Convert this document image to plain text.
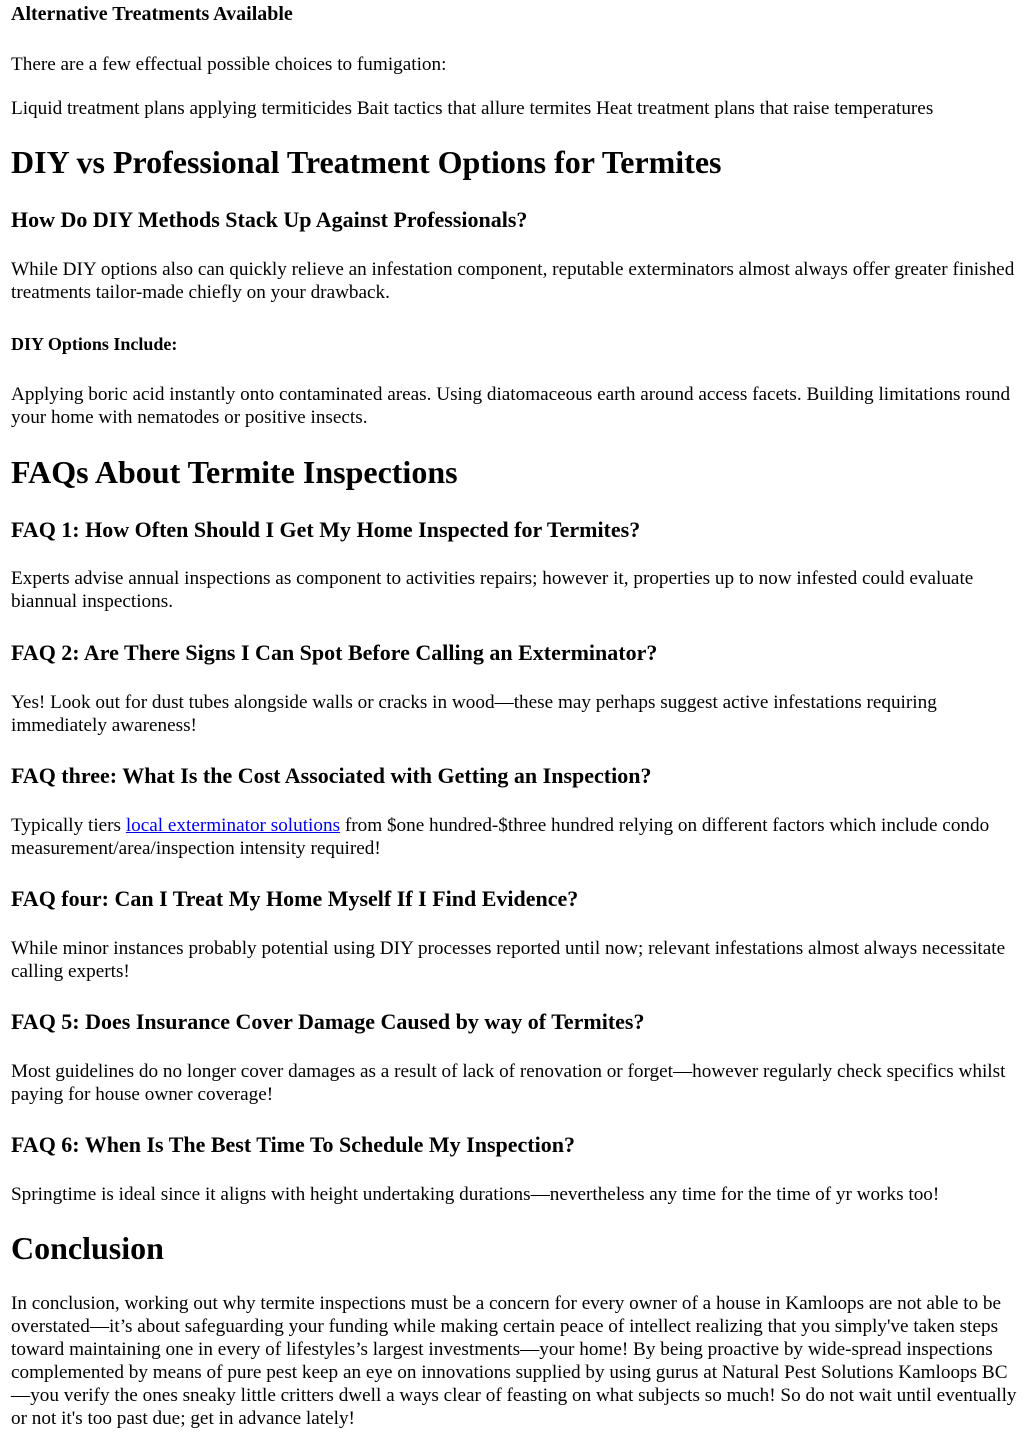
Alternative Treatments Available

There are a few effectual possible choices to fumigation:

Liquid treatment plans applying termiticides Bait tactics that allure termites Heat treatment plans that raise temperatures

DIY vs Professional Treatment Options for Termites
How Do DIY Methods Stack Up Against Professionals?

While DIY options also can quickly relieve an infestation component, reputable exterminators almost always offer greater finished treatments tailor-made chiefly on your drawback.

DIY Options Include:

Applying boric acid instantly onto contaminated areas. Using diatomaceous earth around access facets. Building limitations round your home with nematodes or positive insects.

FAQs About Termite Inspections
FAQ 1: How Often Should I Get My Home Inspected for Termites?

Experts advise annual inspections as component to activities repairs; however it, properties up to now infested could evaluate biannual inspections.

FAQ 2: Are There Signs I Can Spot Before Calling an Exterminator?

Yes! Look out for dust tubes alongside walls or cracks in wood—these may perhaps suggest active infestations requiring immediately awareness!

FAQ three: What Is the Cost Associated with Getting an Inspection?

Typically tiers local exterminator solutions from $one hundred-$three hundred relying on different factors which include condo measurement/area/inspection intensity required!

FAQ four: Can I Treat My Home Myself If I Find Evidence?

While minor instances probably potential using DIY processes reported until now; relevant infestations almost always necessitate calling experts!

FAQ 5: Does Insurance Cover Damage Caused by way of Termites?

Most guidelines do no longer cover damages as a result of lack of renovation or forget—however regularly check specifics whilst paying for house owner coverage!

FAQ 6: When Is The Best Time To Schedule My Inspection?

Springtime is ideal since it aligns with height undertaking durations—nevertheless any time for the time of yr works too!

Conclusion

In conclusion, working out why termite inspections must be a concern for every owner of a house in Kamloops are not able to be overstated—it’s about safeguarding your funding while making certain peace of intellect realizing that you simply've taken steps toward maintaining one in every of lifestyles’s largest investments—your home! By being proactive by wide-spread inspections complemented by means of pure pest keep an eye on innovations supplied by using gurus at Natural Pest Solutions Kamloops BC—you verify the ones sneaky little critters dwell a ways clear of feasting on what subjects so much! So do not wait until eventually or not it's too past due; get in advance lately!
